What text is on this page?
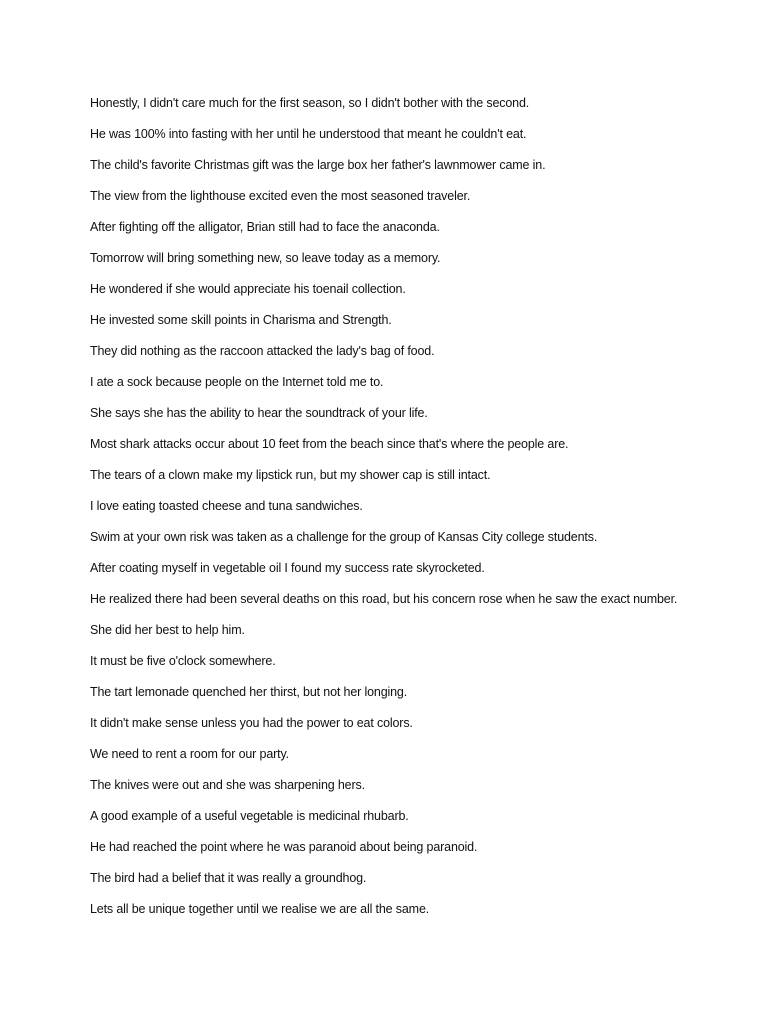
Honestly, I didn't care much for the first season, so I didn't bother with the second.
He was 100% into fasting with her until he understood that meant he couldn't eat.
The child's favorite Christmas gift was the large box her father's lawnmower came in.
The view from the lighthouse excited even the most seasoned traveler.
After fighting off the alligator, Brian still had to face the anaconda.
Tomorrow will bring something new, so leave today as a memory.
He wondered if she would appreciate his toenail collection.
He invested some skill points in Charisma and Strength.
They did nothing as the raccoon attacked the lady's bag of food.
I ate a sock because people on the Internet told me to.
She says she has the ability to hear the soundtrack of your life.
Most shark attacks occur about 10 feet from the beach since that's where the people are.
The tears of a clown make my lipstick run, but my shower cap is still intact.
I love eating toasted cheese and tuna sandwiches.
Swim at your own risk was taken as a challenge for the group of Kansas City college students.
After coating myself in vegetable oil I found my success rate skyrocketed.
He realized there had been several deaths on this road, but his concern rose when he saw the exact number.
She did her best to help him.
It must be five o'clock somewhere.
The tart lemonade quenched her thirst, but not her longing.
It didn't make sense unless you had the power to eat colors.
We need to rent a room for our party.
The knives were out and she was sharpening hers.
A good example of a useful vegetable is medicinal rhubarb.
He had reached the point where he was paranoid about being paranoid.
The bird had a belief that it was really a groundhog.
Lets all be unique together until we realise we are all the same.
